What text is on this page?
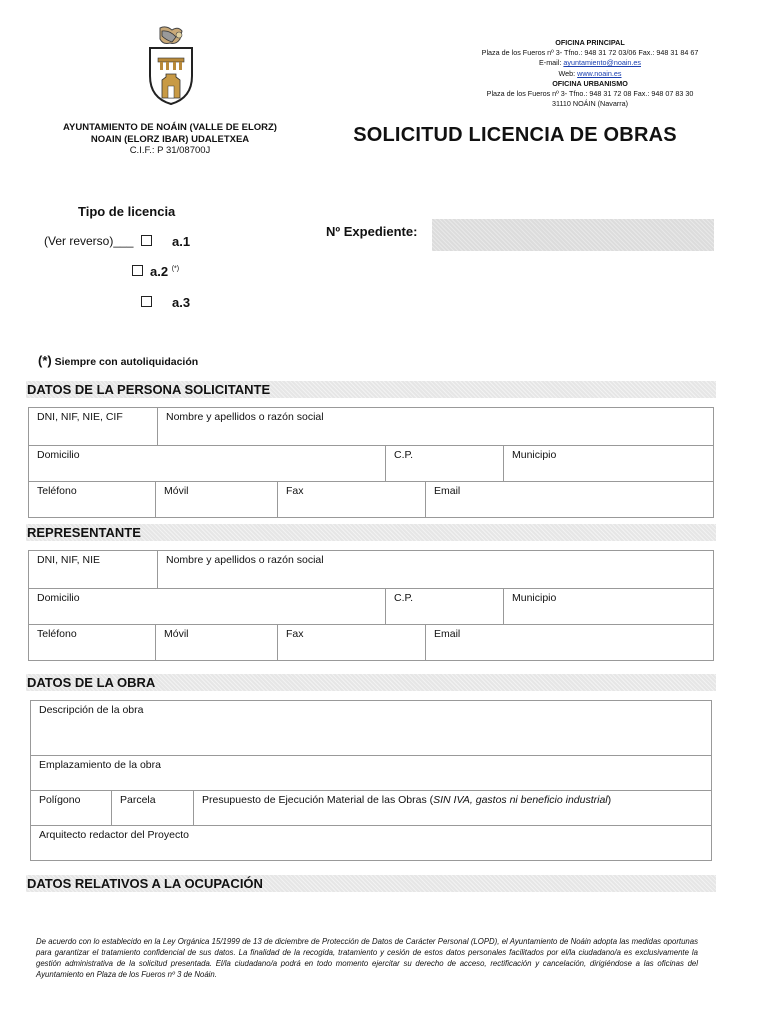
OFICINA PRINCIPAL
Plaza de los Fueros nº 3- Tfno.: 948 31 72 03/06 Fax.: 948 31 84 67
E-mail: ayuntamiento@noain.es
Web: www.noain.es
OFICINA URBANISMO
Plaza de los Fueros nº 3- Tfno.: 948 31 72 08 Fax.: 948 07 83 30
31110 NOÁIN (Navarra)
AYUNTAMIENTO DE NOÁIN (VALLE DE ELORZ)
NOAIN (ELORZ IBAR) UDALETXEA
C.I.F.: P 31/08700J
SOLICITUD LICENCIA DE OBRAS
Tipo de licencia
(Ver reverso)___	a.1
a.2 (*)
a.3
Nº Expediente:
(*) Siempre con autoliquidación
DATOS DE LA PERSONA SOLICITANTE
DNI, NIF, NIE, CIF	Nombre y apellidos o razón social
Domicilio	C.P.	Municipio
Teléfono	Móvil	Fax	Email
REPRESENTANTE
DNI, NIF, NIE	Nombre y apellidos o razón social
Domicilio	C.P.	Municipio
Teléfono	Móvil	Fax	Email
DATOS DE LA OBRA
Descripción de la obra
Emplazamiento de la obra
Polígono	Parcela	Presupuesto de Ejecución Material de las Obras (SIN IVA, gastos ni beneficio industrial)
Arquitecto redactor del Proyecto
DATOS RELATIVOS A LA OCUPACIÓN
De acuerdo con lo establecido en la Ley Orgánica 15/1999 de 13 de diciembre de Protección de Datos de Carácter Personal (LOPD), el Ayuntamiento de Noáin adopta las medidas oportunas para garantizar el tratamiento confidencial de sus datos. La finalidad de la recogida, tratamiento y cesión de estos datos personales facilitados por el/la ciudadano/a es exclusivamente la gestión administrativa de la solicitud presentada. El/la ciudadano/a podrá en todo momento ejercitar su derecho de acceso, rectificación y cancelación, dirigiéndose a las oficinas del Ayuntamiento en Plaza de los Fueros nº 3 de Noáin.
